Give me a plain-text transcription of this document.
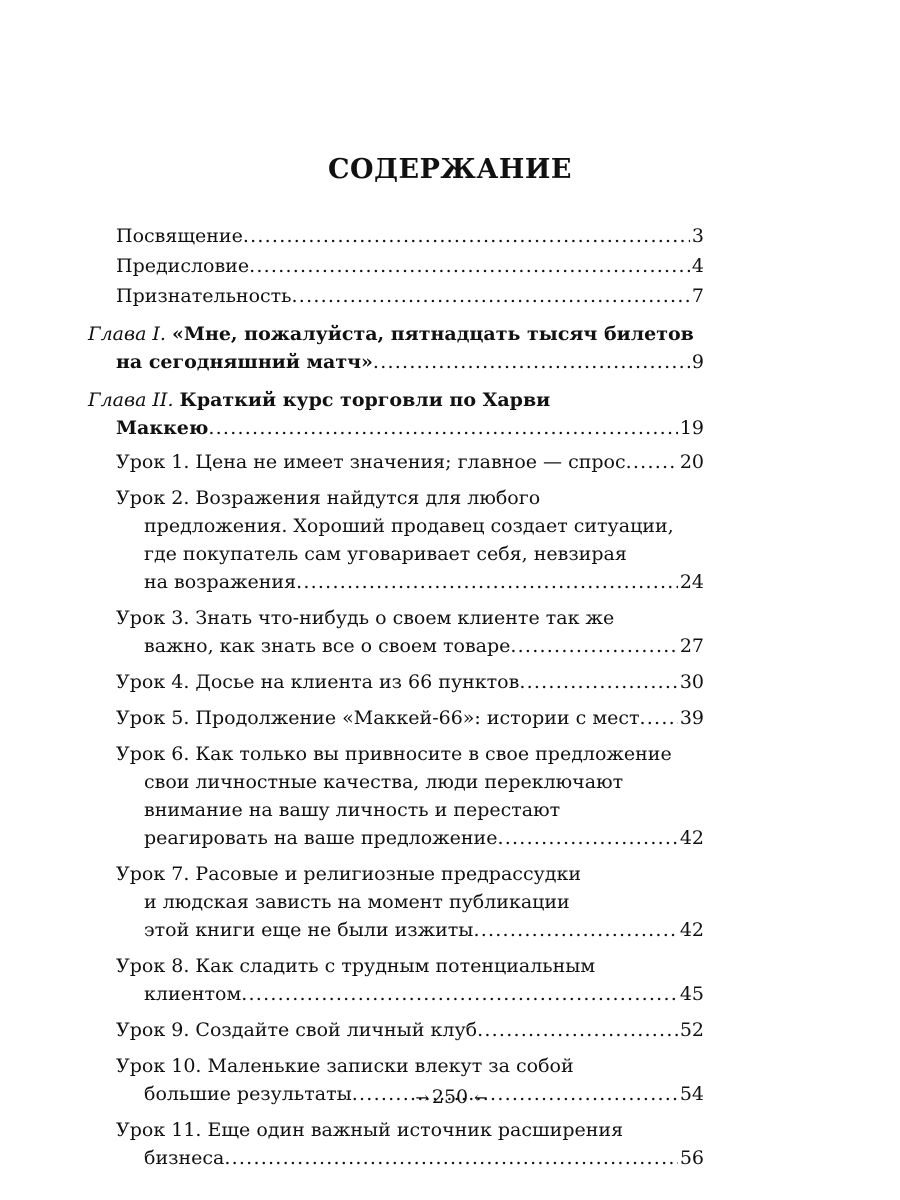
СОДЕРЖАНИЕ
Посвящение . . .	3
Предисловие . . .	4
Признательность . . .	7
Глава I.
«Мне, пожалуйста, пятнадцать тысяч билетов
на сегодняшний матч» . . .	9
Глава II.
Краткий курс торговли по Харви
Маккею . . .	19
Урок 1. Цена не имеет значения; главное — спрос . . .	20
Урок 2. Возражения найдутся для любого
предложения. Хороший продавец создает ситуации,
где покупатель сам уговаривает себя, невзирая
на возражения . . .	24
Урок 3. Знать что-нибудь о своем клиенте так же
важно, как знать все о своем товаре . . .	27
Урок 4. Досье на клиента из 66 пунктов . . .	30
Урок 5. Продолжение «Маккей-66»: истории с мест . . . 39
Урок 6. Как только вы привносите в свое предложение
свои личностные качества, люди переключают
внимание на вашу личность и перестают
реагировать на ваше предложение . . .	42
Урок 7. Расовые и религиозные предрассудки
и людская зависть на момент публикации
этой книги еще не были изжиты . . .	42
Урок 8. Как сладить с трудным потенциальным
клиентом . . .	45
Урок 9. Создайте свой личный клуб . . .	52
Урок 10. Маленькие записки влекут за собой
большие результаты . . .	54
Урок 11. Еще один важный источник расширения
бизнеса . . .	56
→ 250 ←
